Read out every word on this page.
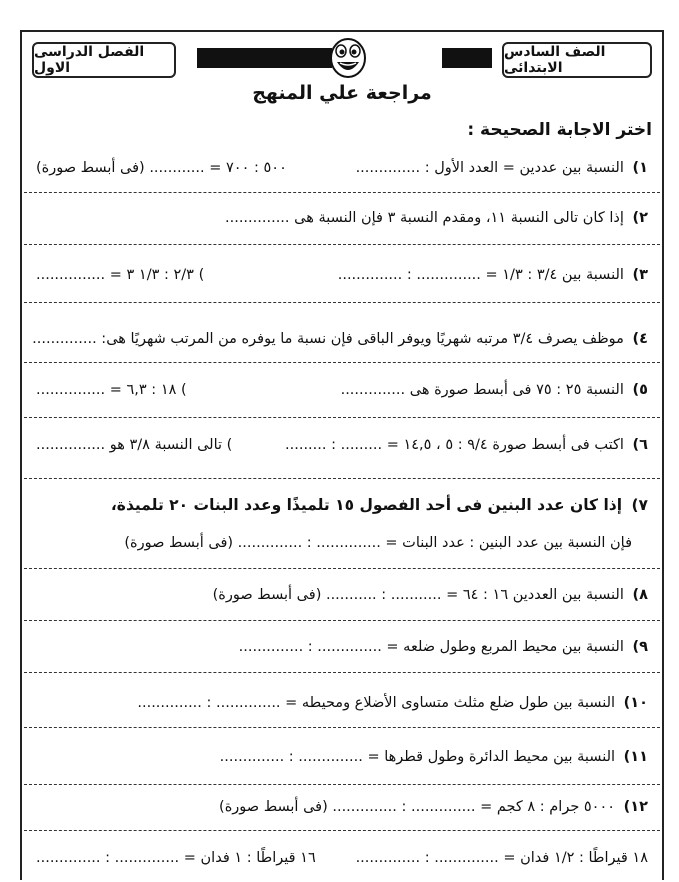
الصف السادس الابتدائى
الفصل الدراسى الاول
مراجعة علي المنهج
اختر الاجابة الصحيحة :
١) النسبة بين عددين = العدد الأول : ..............
٥٠٠ : ٧٠٠ = ............ (فى أبسط صورة)
٢) إذا كان تالى النسبة ١١، ومقدم النسبة ٣ فإن النسبة هى ..............
٣) النسبة بين ٣/٤ : ١/٣ = .............. : ..............
) ٢/٣ : ١/٣ ٣ = ...............
٤) موظف يصرف ٣/٤ مرتبه شهريًا ويوفر الباقى فإن نسبة ما يوفره من المرتب شهريًا هى: ..............
٥) النسبة ٢٥ : ٧٥ فى أبسط صورة هى ..............
) ١٨ : ٦,٣ = ...............
٦) اكتب فى أبسط صورة ٩/٤ : ٥ ، ١٤,٥ = ......... : .........
) تالى النسبة ٣/٨ هو ...............
٧) إذا كان عدد البنين فى أحد الفصول ١٥ تلميذًا وعدد البنات ٢٠ تلميذة،
فإن النسبة بين عدد البنين : عدد البنات = .............. : .............. (فى أبسط صورة)
٨) النسبة بين العددين ١٦ : ٦٤ = ........... : ........... (فى أبسط صورة)
٩) النسبة بين محيط المربع وطول ضلعه = .............. : ..............
١٠) النسبة بين طول ضلع مثلث متساوى الأضلاع ومحيطه = .............. : ..............
١١) النسبة بين محيط الدائرة وطول قطرها = .............. : ..............
١٢) ٥٠٠٠ جرام : ٨ كجم = .............. : .............. (فى أبسط صورة)
١٨ قيراطًا : ١/٢ فدان = .............. : ..............
١٦ قيراطًا : ١ فدان = .............. : ..............
